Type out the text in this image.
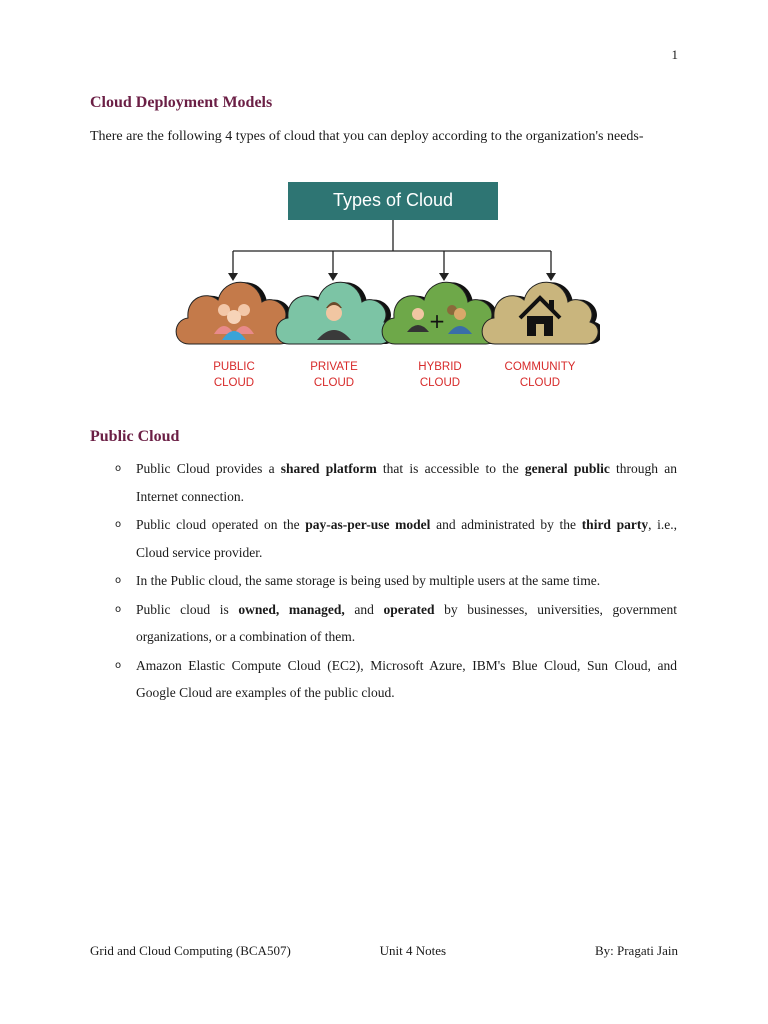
1
Cloud Deployment Models

There are the following 4 types of cloud that you can deploy according to the organization's needs-

Types of Cloud
+
PUBLIC
CLOUD
PRIVATE
CLOUD
HYBRID
CLOUD
COMMUNITY
CLOUD
Public Cloud
o Public Cloud provides a shared platform that is accessible to the general public through an Internet connection.
o Public cloud operated on the pay-as-per-use model and administrated by the third party, i.e., Cloud service provider.
o In the Public cloud, the same storage is being used by multiple users at the same time.
o Public cloud is owned, managed, and operated by businesses, universities, government organizations, or a combination of them.
o Amazon Elastic Compute Cloud (EC2), Microsoft Azure, IBM's Blue Cloud, Sun Cloud, and Google Cloud are examples of the public cloud.
Grid and Cloud Computing (BCA507)	Unit 4 Notes	By: Pragati Jain
